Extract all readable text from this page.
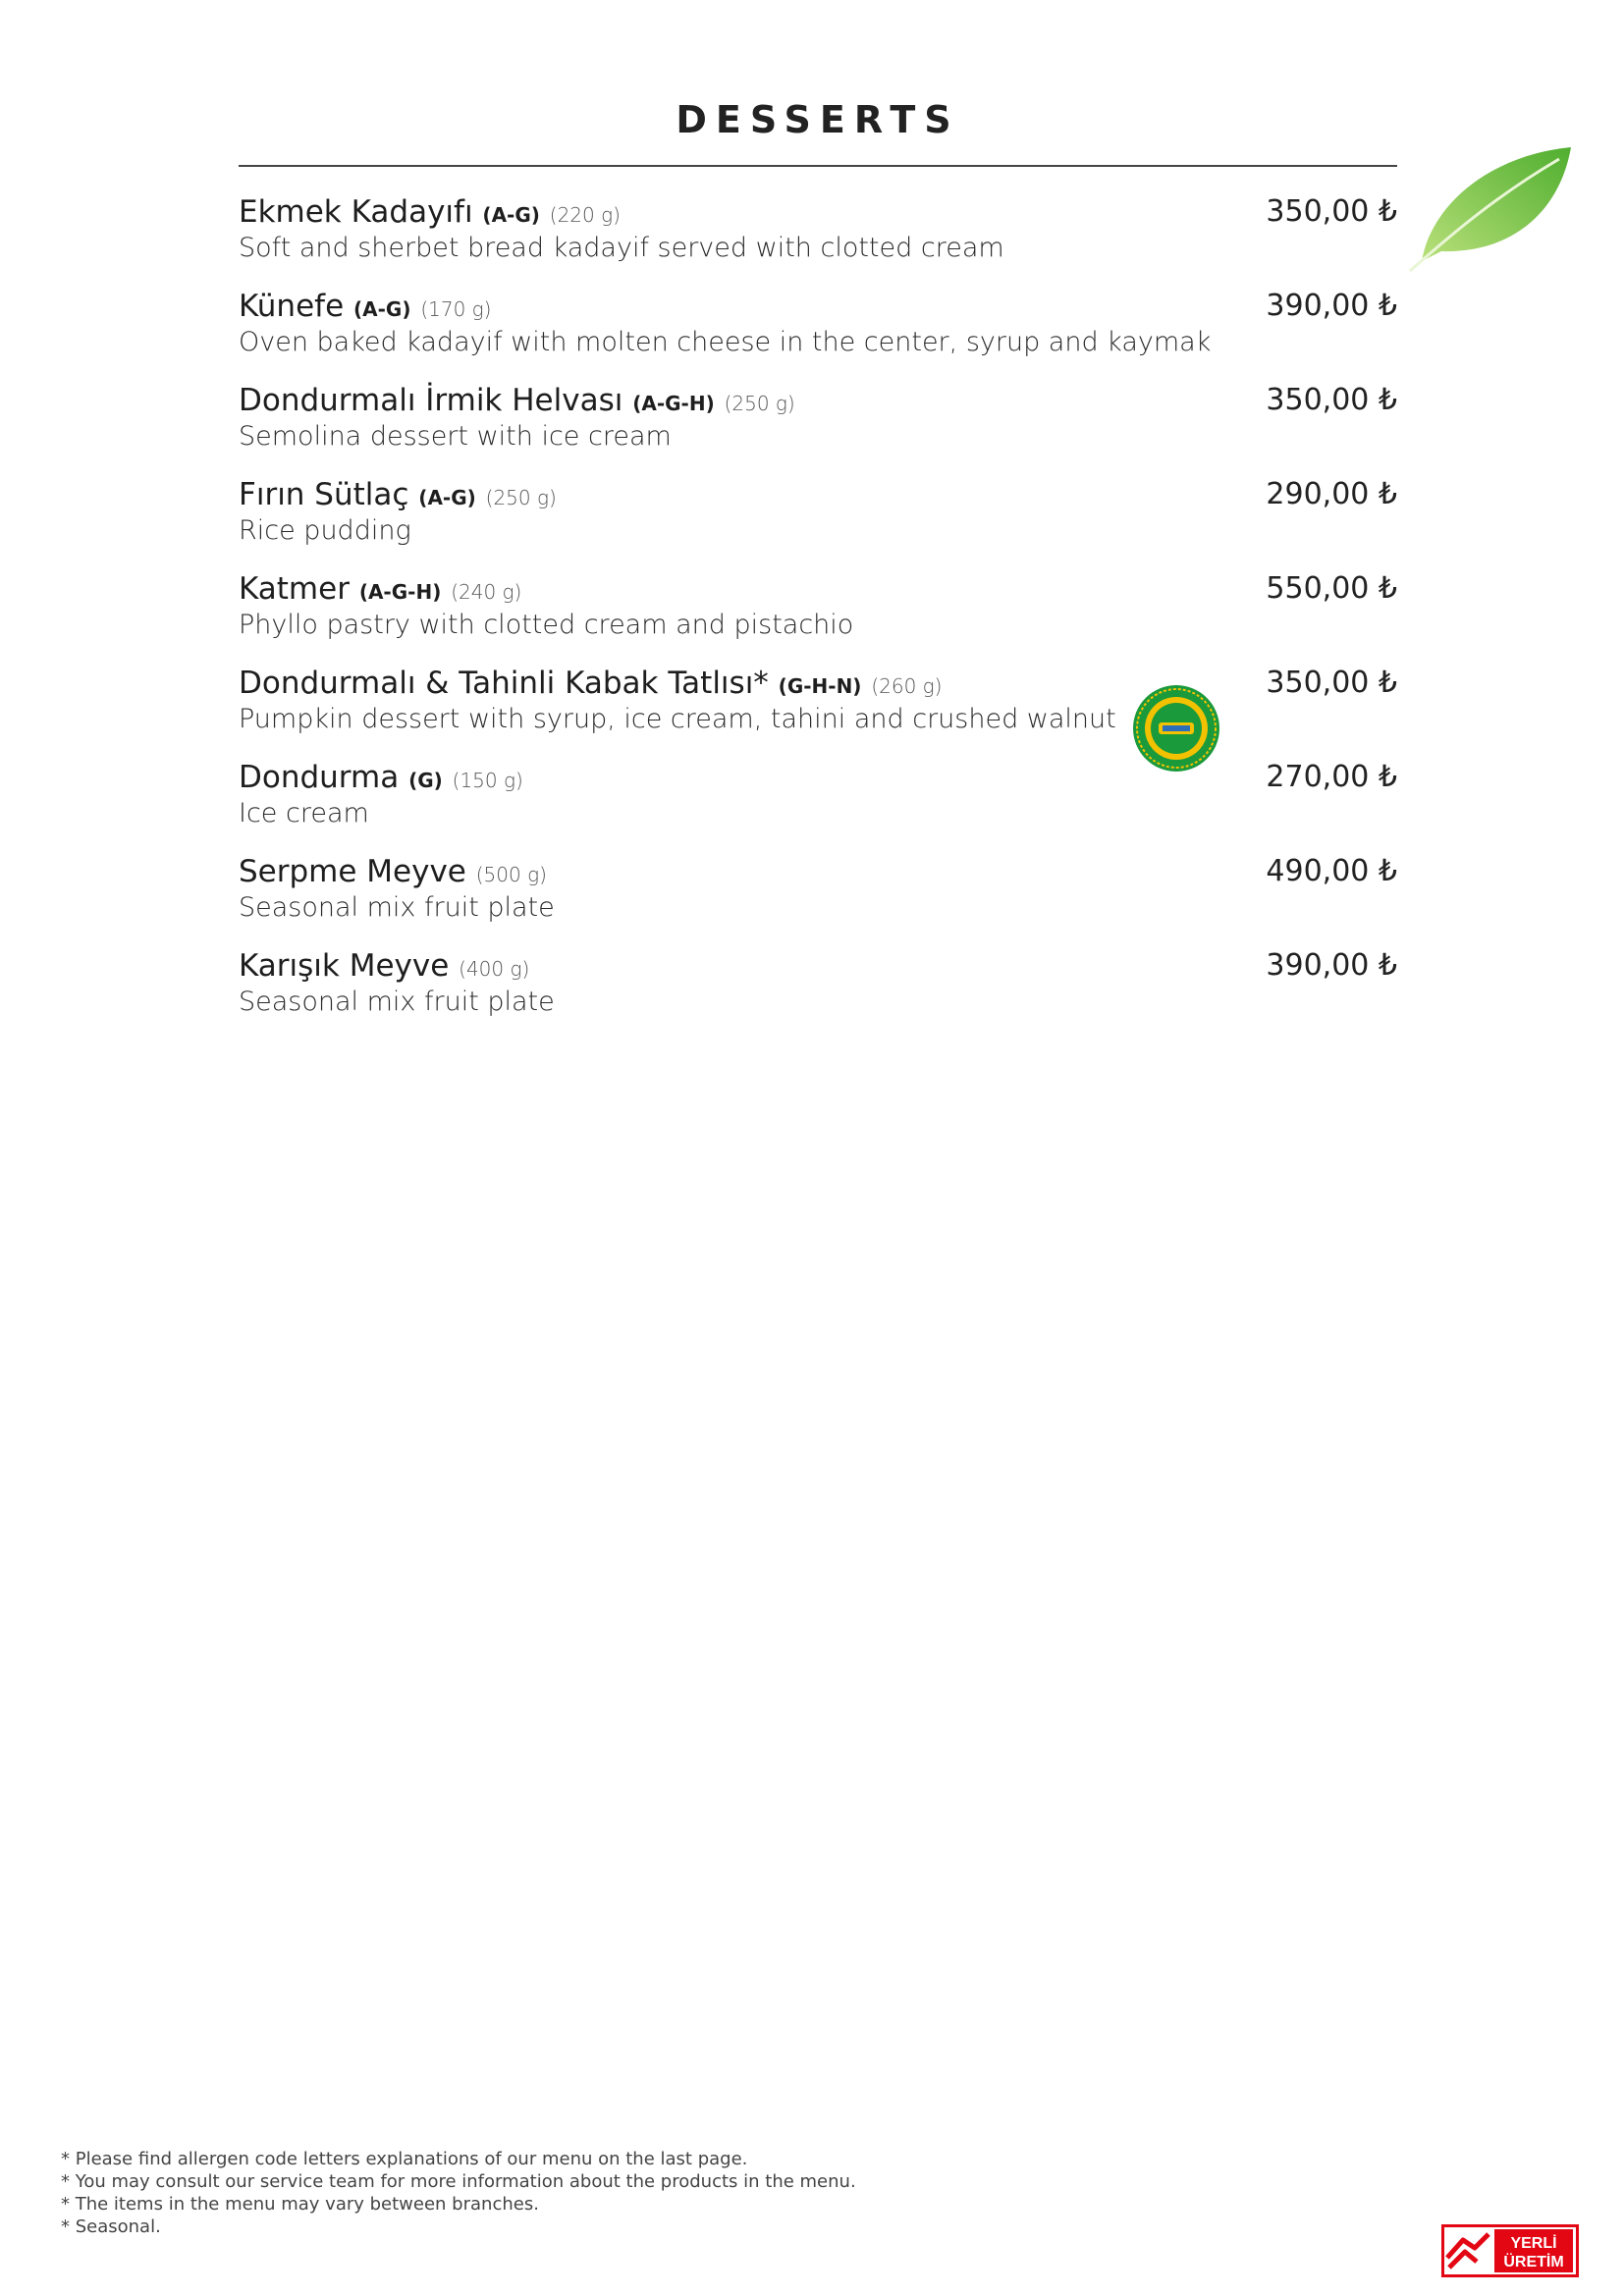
DESSERTS
Ekmek Kadayıfı (A-G) (220 g)
Soft and sherbet bread kadayif served with clotted cream
350,00 ₺
Künefe (A-G) (170 g)
Oven baked kadayif with molten cheese in the center, syrup and kaymak
390,00 ₺
Dondurmalı İrmik Helvası (A-G-H) (250 g)
Semolina dessert with ice cream
350,00 ₺
Fırın Sütlaç (A-G) (250 g)
Rice pudding
290,00 ₺
Katmer (A-G-H) (240 g)
Phyllo pastry with clotted cream and pistachio
550,00 ₺
Dondurmalı & Tahinli Kabak Tatlısı* (G-H-N) (260 g)
Pumpkin dessert with syrup, ice cream, tahini and crushed walnut
350,00 ₺
Dondurma (G) (150 g)
Ice cream
270,00 ₺
Serpme Meyve (500 g)
Seasonal mix fruit plate
490,00 ₺
Karışık Meyve (400 g)
Seasonal mix fruit plate
390,00 ₺
* Please find allergen code letters explanations of our menu on the last page.
* You may consult our service team for more information about the products in the menu.
* The items in the menu may vary between branches.
* Seasonal.
YERLİ
ÜRETİM
